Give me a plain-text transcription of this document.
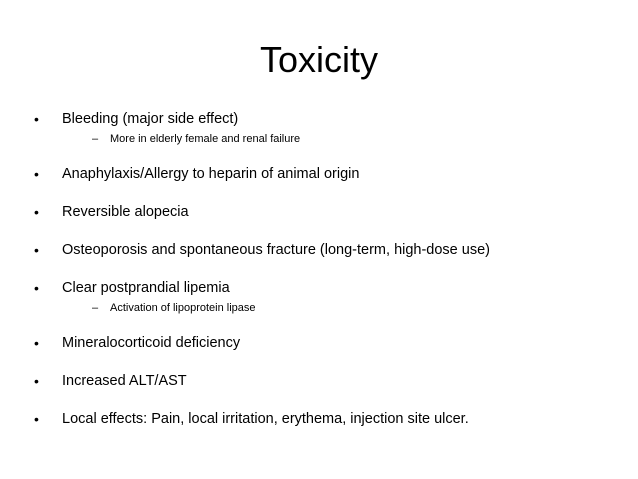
Toxicity
• Bleeding (major side effect)
– More in elderly female and renal failure
• Anaphylaxis/Allergy to heparin of animal origin
• Reversible alopecia
• Osteoporosis and spontaneous fracture (long-term, high-dose use)
• Clear postprandial lipemia
– Activation of lipoprotein lipase
• Mineralocorticoid deficiency
• Increased ALT/AST
• Local effects: Pain, local irritation, erythema, injection site ulcer.
